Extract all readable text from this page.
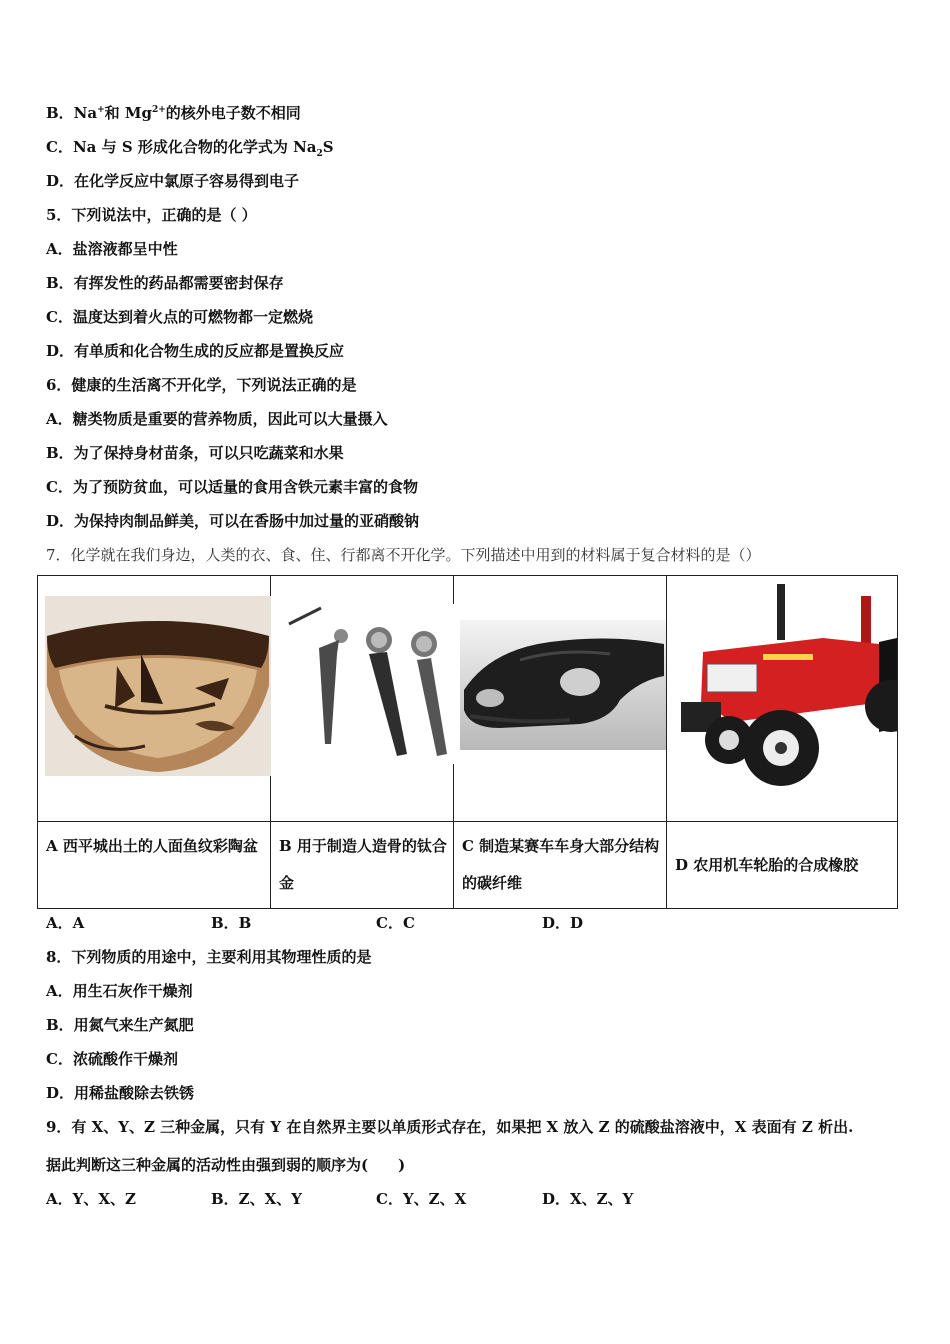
B．Na+和 $Mg^{2+}$的核外电子数不相同
C．Na 与 S 形成化合物的化学式为 $Na_2S$
D．在化学反应中氯原子容易得到电子
5．下列说法中，正确的是（ ）
A．盐溶液都呈中性
B．有挥发性的药品都需要密封保存
C．温度达到着火点的可燃物都一定燃烧
D．有单质和化合物生成的反应都是置换反应
6．健康的生活离不开化学，下列说法正确的是
A．糖类物质是重要的营养物质，因此可以大量摄入
B．为了保持身材苗条，可以只吃蔬菜和水果
C．为了预防贫血，可以适量的食用含铁元素丰富的食物
D．为保持肉制品鲜美，可以在香肠中加过量的亚硝酸钠
7．化学就在我们身边，人类的衣、食、住、行都离不开化学。下列描述中用到的材料属于复合材料的是（）

A 西平城出土的人面鱼纹彩陶盆	B 用于制造人造骨的钛合金	C 制造某赛车车身大部分结构的碳纤维	D 农用机车轮胎的合成橡胶
A．A	B．B	C．C	D．D
8．下列物质的用途中，主要利用其物理性质的是
A．用生石灰作干燥剂
B．用氮气来生产氮肥
C．浓硫酸作干燥剂
D．用稀盐酸除去铁锈
9．有 X、Y、Z 三种金属，只有 Y 在自然界主要以单质形式存在，如果把 X 放入 Z 的硫酸盐溶液中，X 表面有 Z 析出.
据此判断这三种金属的活动性由强到弱的顺序为(　　)
A．Y、X、Z	B．Z、X、Y	C．Y、Z、X	D．X、Z、Y
